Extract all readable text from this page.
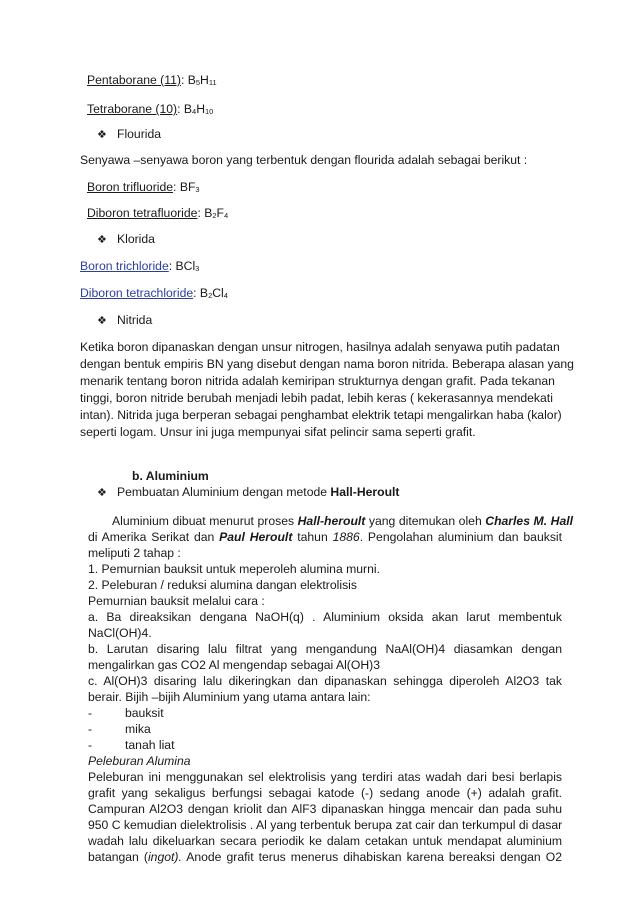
Pentaborane (11): $B_5H_{11}$
Tetraborane (10): $B_4H_{10}$
❖ Flourida
Senyawa –senyawa boron yang terbentuk dengan flourida adalah sebagai berikut :
Boron trifluoride: $BF_3$
Diboron tetrafluoride: $B_2F_4$
❖ Klorida
Boron trichloride: BCl$_3$
Diboron tetrachloride: $B_2Cl_4$
❖ Nitrida
Ketika boron dipanaskan dengan unsur nitrogen, hasilnya adalah senyawa putih padatan
dengan bentuk empiris BN yang disebut dengan nama boron nitrida. Beberapa alasan yang
menarik tentang boron nitrida adalah kemiripan strukturnya dengan grafit. Pada tekanan
tinggi, boron nitride berubah menjadi lebih padat, lebih keras ( kekerasannya mendekati
intan). Nitrida juga berperan sebagai penghambat elektrik tetapi mengalirkan haba (kalor)
seperti logam. Unsur ini juga mempunyai sifat pelincir sama seperti grafit.
b. Aluminium
❖ Pembuatan Aluminium dengan metode Hall-Heroult
Aluminium dibuat menurut proses Hall-heroult yang ditemukan oleh Charles M. Hall
di Amerika Serikat dan Paul Heroult tahun 1886. Pengolahan aluminium dan bauksit
meliputi 2 tahap :
1. Pemurnian bauksit untuk meperoleh alumina murni.
2. Peleburan / reduksi alumina dangan elektrolisis
Pemurnian bauksit melalui cara :
a. Ba direaksikan dengana NaOH(q) . Aluminium oksida akan larut membentuk
NaCl(OH)4.
b. Larutan disaring lalu filtrat yang mengandung NaAl(OH)4 diasamkan dengan
mengalirkan gas CO2 Al mengendap sebagai Al(OH)3
c. Al(OH)3 disaring lalu dikeringkan dan dipanaskan sehingga diperoleh Al2O3 tak
berair. Bijih –bijih Aluminium yang utama antara lain:
-	bauksit
-	mika
-	tanah liat
Peleburan Alumina
Peleburan ini menggunakan sel elektrolisis yang terdiri atas wadah dari besi berlapis
grafit yang sekaligus berfungsi sebagai katode (-) sedang anode (+) adalah grafit.
Campuran Al2O3 dengan kriolit dan AlF3 dipanaskan hingga mencair dan pada suhu
950 C kemudian dielektrolisis . Al yang terbentuk berupa zat cair dan terkumpul di dasar
wadah lalu dikeluarkan secara periodik ke dalam cetakan untuk mendapat aluminium
batangan (ingot). Anode grafit terus menerus dihabiskan karena bereaksi dengan O2
